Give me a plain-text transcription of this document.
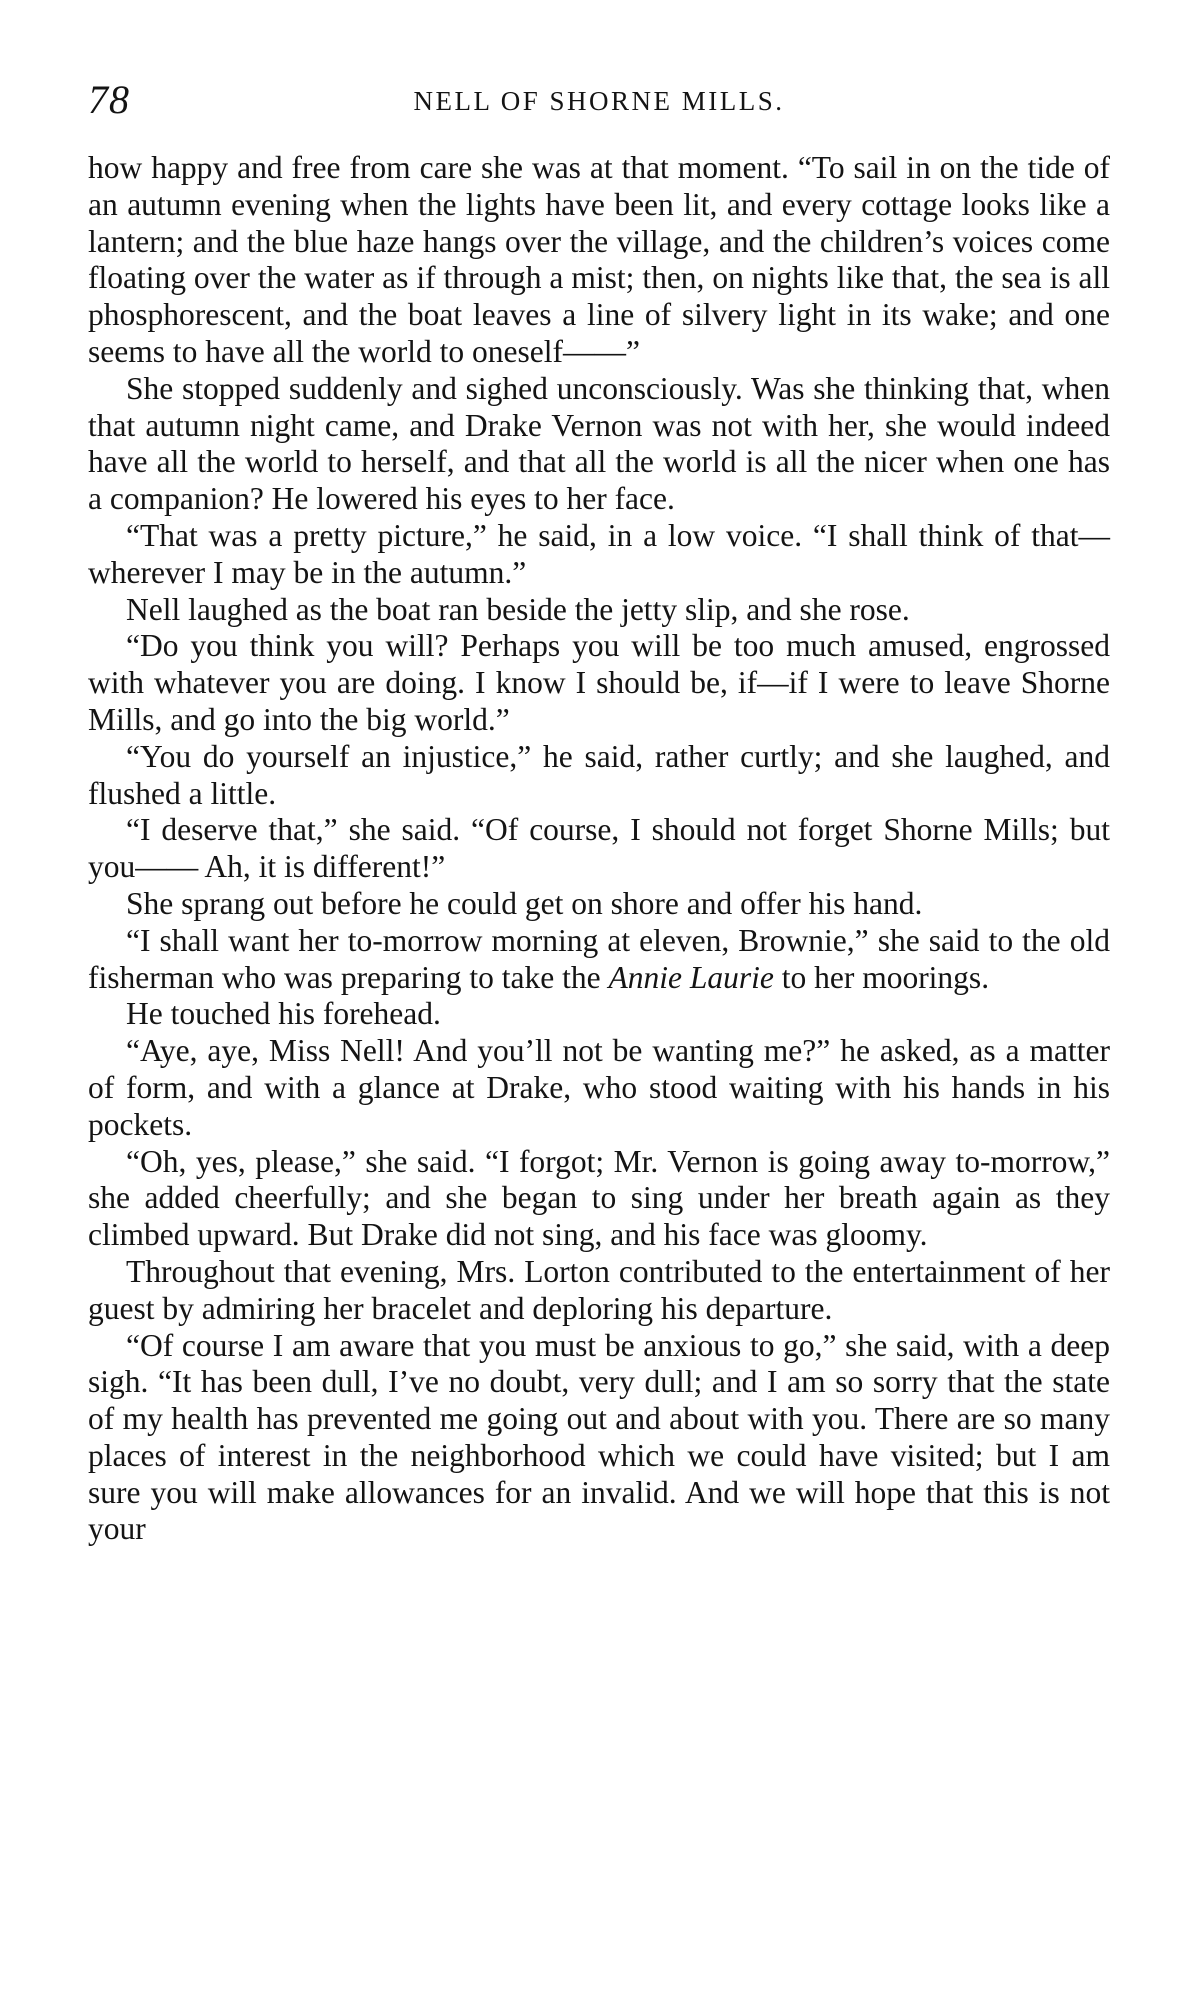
78	NELL OF SHORNE MILLS.

how happy and free from care she was at that moment. “To sail in on the tide of an autumn evening when the lights have been lit, and every cottage looks like a lantern; and the blue haze hangs over the village, and the children’s voices come floating over the water as if through a mist; then, on nights like that, the sea is all phosphorescent, and the boat leaves a line of silvery light in its wake; and one seems to have all the world to oneself——”

She stopped suddenly and sighed unconsciously. Was she thinking that, when that autumn night came, and Drake Vernon was not with her, she would indeed have all the world to herself, and that all the world is all the nicer when one has a companion? He lowered his eyes to her face.

“That was a pretty picture,” he said, in a low voice. “I shall think of that—wherever I may be in the autumn.”

Nell laughed as the boat ran beside the jetty slip, and she rose.

“Do you think you will? Perhaps you will be too much amused, engrossed with whatever you are doing. I know I should be, if—if I were to leave Shorne Mills, and go into the big world.”

“You do yourself an injustice,” he said, rather curtly; and she laughed, and flushed a little.

“I deserve that,” she said. “Of course, I should not forget Shorne Mills; but you—— Ah, it is different!”

She sprang out before he could get on shore and offer his hand.

“I shall want her to-morrow morning at eleven, Brownie,” she said to the old fisherman who was preparing to take the Annie Laurie to her moorings.

He touched his forehead.

“Aye, aye, Miss Nell! And you’ll not be wanting me?” he asked, as a matter of form, and with a glance at Drake, who stood waiting with his hands in his pockets.

“Oh, yes, please,” she said. “I forgot; Mr. Vernon is going away to-morrow,” she added cheerfully; and she began to sing under her breath again as they climbed upward. But Drake did not sing, and his face was gloomy.

Throughout that evening, Mrs. Lorton contributed to the entertainment of her guest by admiring her bracelet and deploring his departure.

“Of course I am aware that you must be anxious to go,” she said, with a deep sigh. “It has been dull, I’ve no doubt, very dull; and I am so sorry that the state of my health has prevented me going out and about with you. There are so many places of interest in the neighborhood which we could have visited; but I am sure you will make allowances for an invalid. And we will hope that this is not your
